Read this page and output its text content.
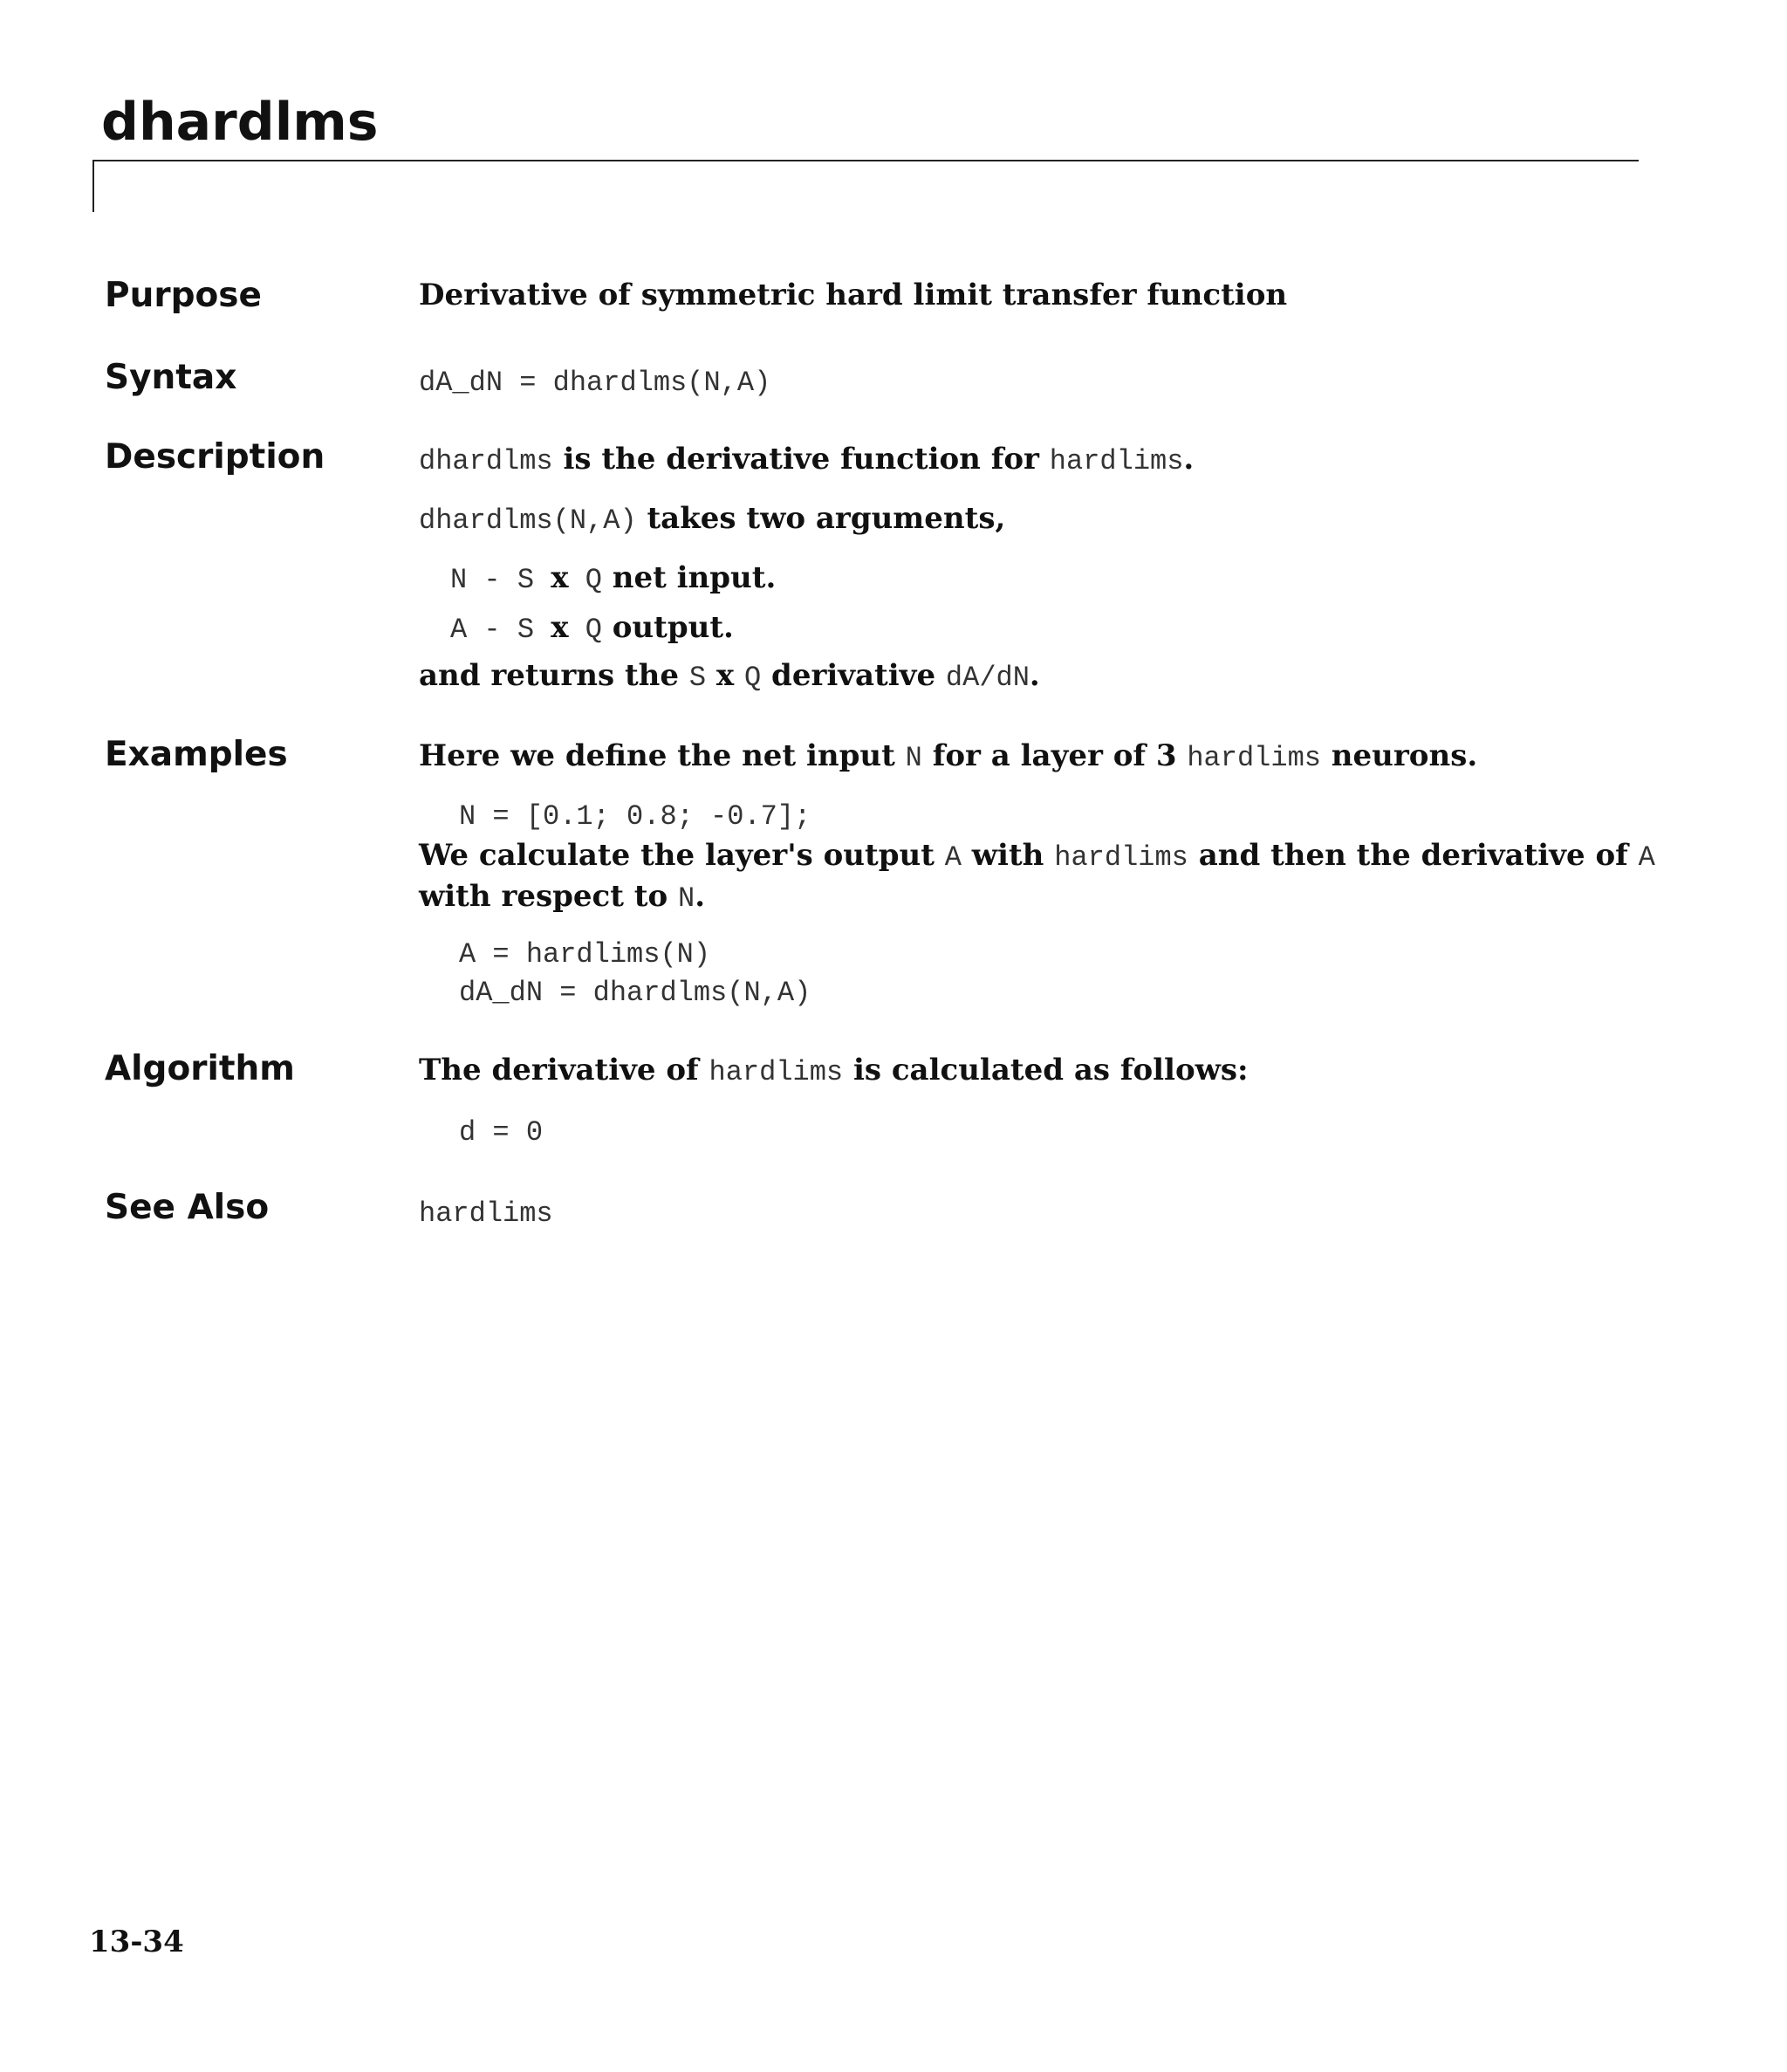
dhardlms

Purpose	Derivative of symmetric hard limit transfer function

Syntax	dA_dN = dhardlms(N,A)

Description	dhardlms is the derivative function for hardlims.

dhardlms(N,A) takes two arguments,

N - S x Q net input.

A - S x Q output.

and returns the S x Q derivative dA/dN.

Examples	Here we define the net input N for a layer of 3 hardlims neurons.

N = [0.1; 0.8; -0.7];

We calculate the layer's output A with hardlims and then the derivative of A

with respect to N.

A = hardlims(N)
dA_dN = dhardlms(N,A)

Algorithm	The derivative of hardlims is calculated as follows:

d = 0

See Also	hardlims

13-34
